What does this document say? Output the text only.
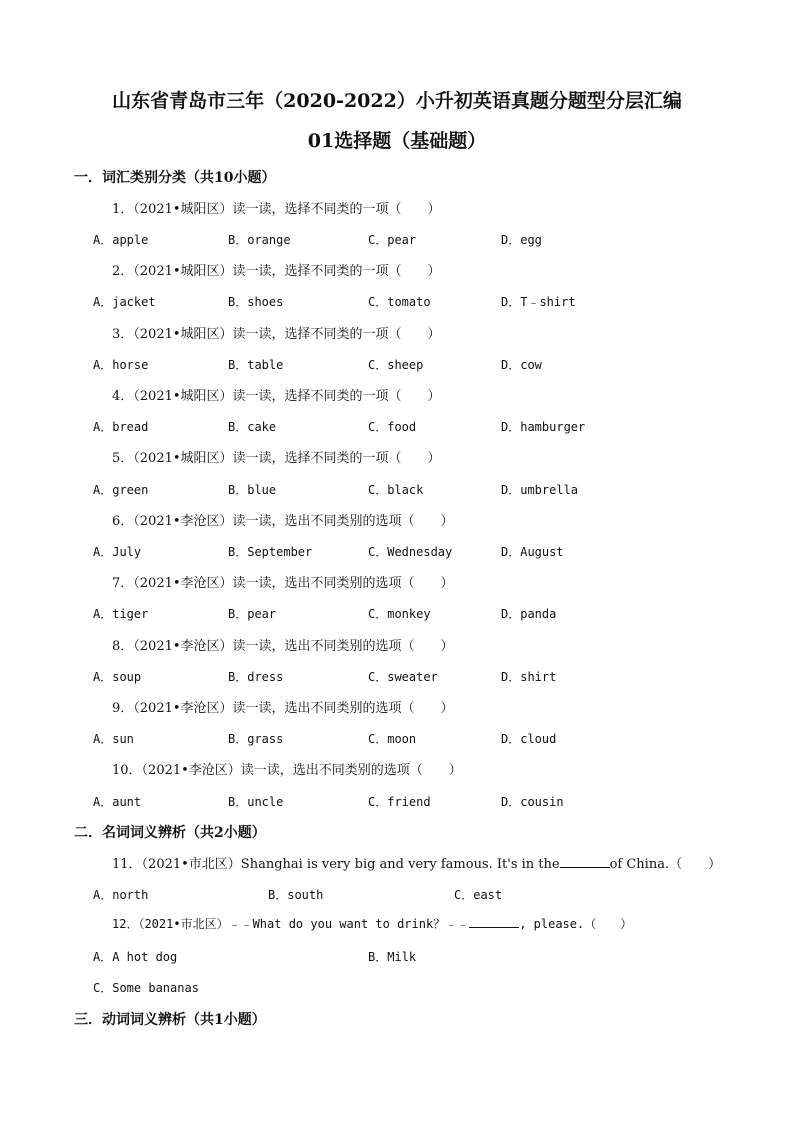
山东省青岛市三年（2020-2022）小升初英语真题分题型分层汇编
01选择题（基础题）
一．词汇类别分类（共10小题）
1．（2021•城阳区）读一读，选择不同类的一项（　　）
A．apple	B．orange	C．pear	D．egg
2．（2021•城阳区）读一读，选择不同类的一项（　　）
A．jacket	B．shoes	C．tomato	D．T﹣shirt
3．（2021•城阳区）读一读，选择不同类的一项（　　）
A．horse	B．table	C．sheep	D．cow
4．（2021•城阳区）读一读，选择不同类的一项（　　）
A．bread	B．cake	C．food	D．hamburger
5．（2021•城阳区）读一读，选择不同类的一项（　　）
A．green	B．blue	C．black	D．umbrella
6．（2021•李沧区）读一读，选出不同类别的选项（　　）
A．July	B．September	C．Wednesday	D．August
7．（2021•李沧区）读一读，选出不同类别的选项（　　）
A．tiger	B．pear	C．monkey	D．panda
8．（2021•李沧区）读一读，选出不同类别的选项（　　）
A．soup	B．dress	C．sweater	D．shirt
9．（2021•李沧区）读一读，选出不同类别的选项（　　）
A．sun	B．grass	C．moon	D．cloud
10．（2021•李沧区）读一读，选出不同类别的选项（　　）
A．aunt	B．uncle	C．friend	D．cousin
二．名词词义辨析（共2小题）
11．（2021•市北区）Shanghai is very big and very famous. It's in the	of China.（　　）
A．north	B．south	C．east
12．（2021•市北区）﹣﹣What do you want to drink？﹣﹣	, please.（　　）
A．A hot dog	B．Milk
C．Some bananas
三．动词词义辨析（共1小题）
